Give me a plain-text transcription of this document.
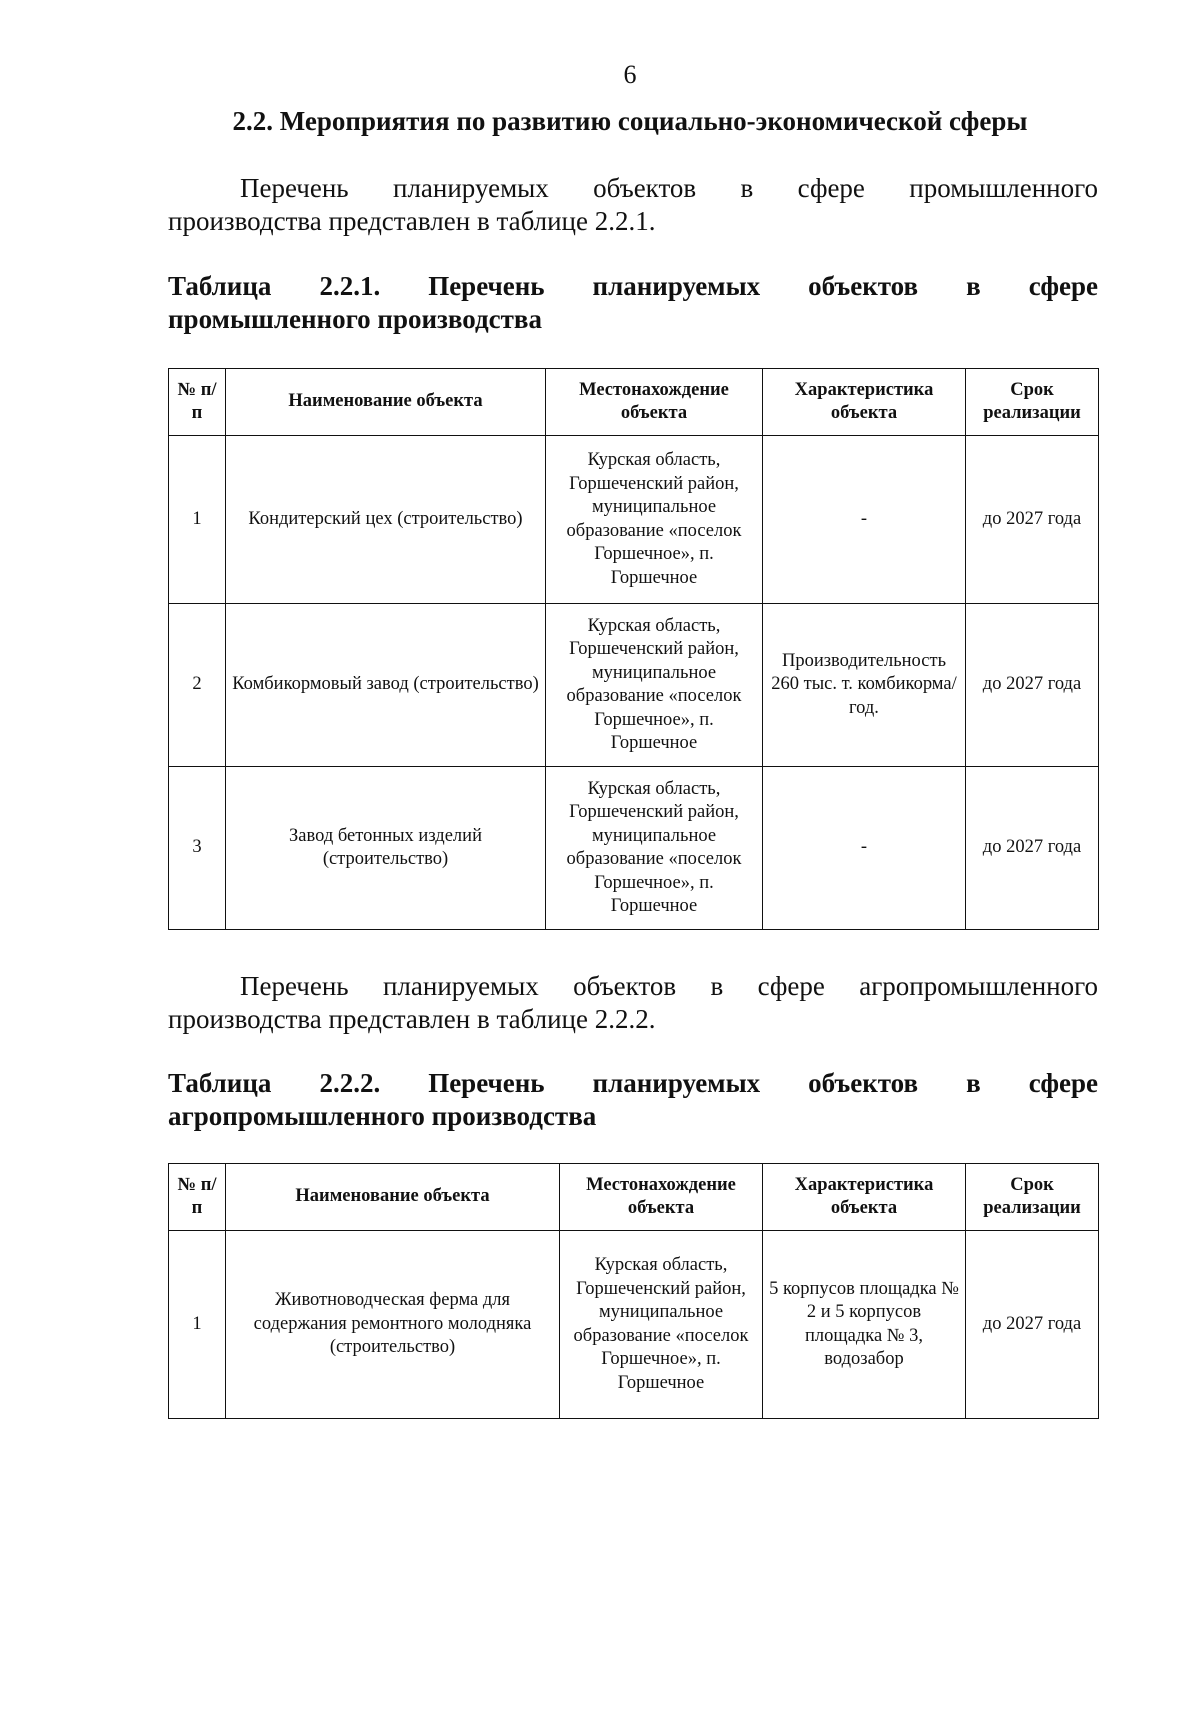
6
2.2. Мероприятия по развитию социально-экономической сферы

Перечень планируемых объектов в сфере промышленного

производства представлен в таблице 2.2.1.

Таблица 2.2.1. Перечень планируемых объектов в сфере
промышленного производства
№ п/п	Наименование объекта	Местонахождение объекта	Характеристика объекта	Срок реализации
1	Кондитерский цех (строительство)	Курская область, Горшеченский район, муниципальное образование «поселок Горшечное», п. Горшечное	-	до 2027 года
2	Комбикормовый завод (строительство)	Курская область, Горшеченский район, муниципальное образование «поселок Горшечное», п. Горшечное	Производительность 260 тыс. т. комбикорма/год.	до 2027 года
3	Завод бетонных изделий (строительство)	Курская область, Горшеченский район, муниципальное образование «поселок Горшечное», п. Горшечное	-	до 2027 года

Перечень планируемых объектов в сфере агропромышленного

производства представлен в таблице 2.2.2.

Таблица 2.2.2. Перечень планируемых объектов в сфере
агропромышленного производства
№ п/п	Наименование объекта	Местонахождение объекта	Характеристика объекта	Срок реализации
1	Животноводческая ферма для содержания ремонтного молодняка (строительство)	Курская область, Горшеченский район, муниципальное образование «поселок Горшечное», п. Горшечное	5 корпусов площадка № 2 и 5 корпусов площадка № 3, водозабор	до 2027 года
